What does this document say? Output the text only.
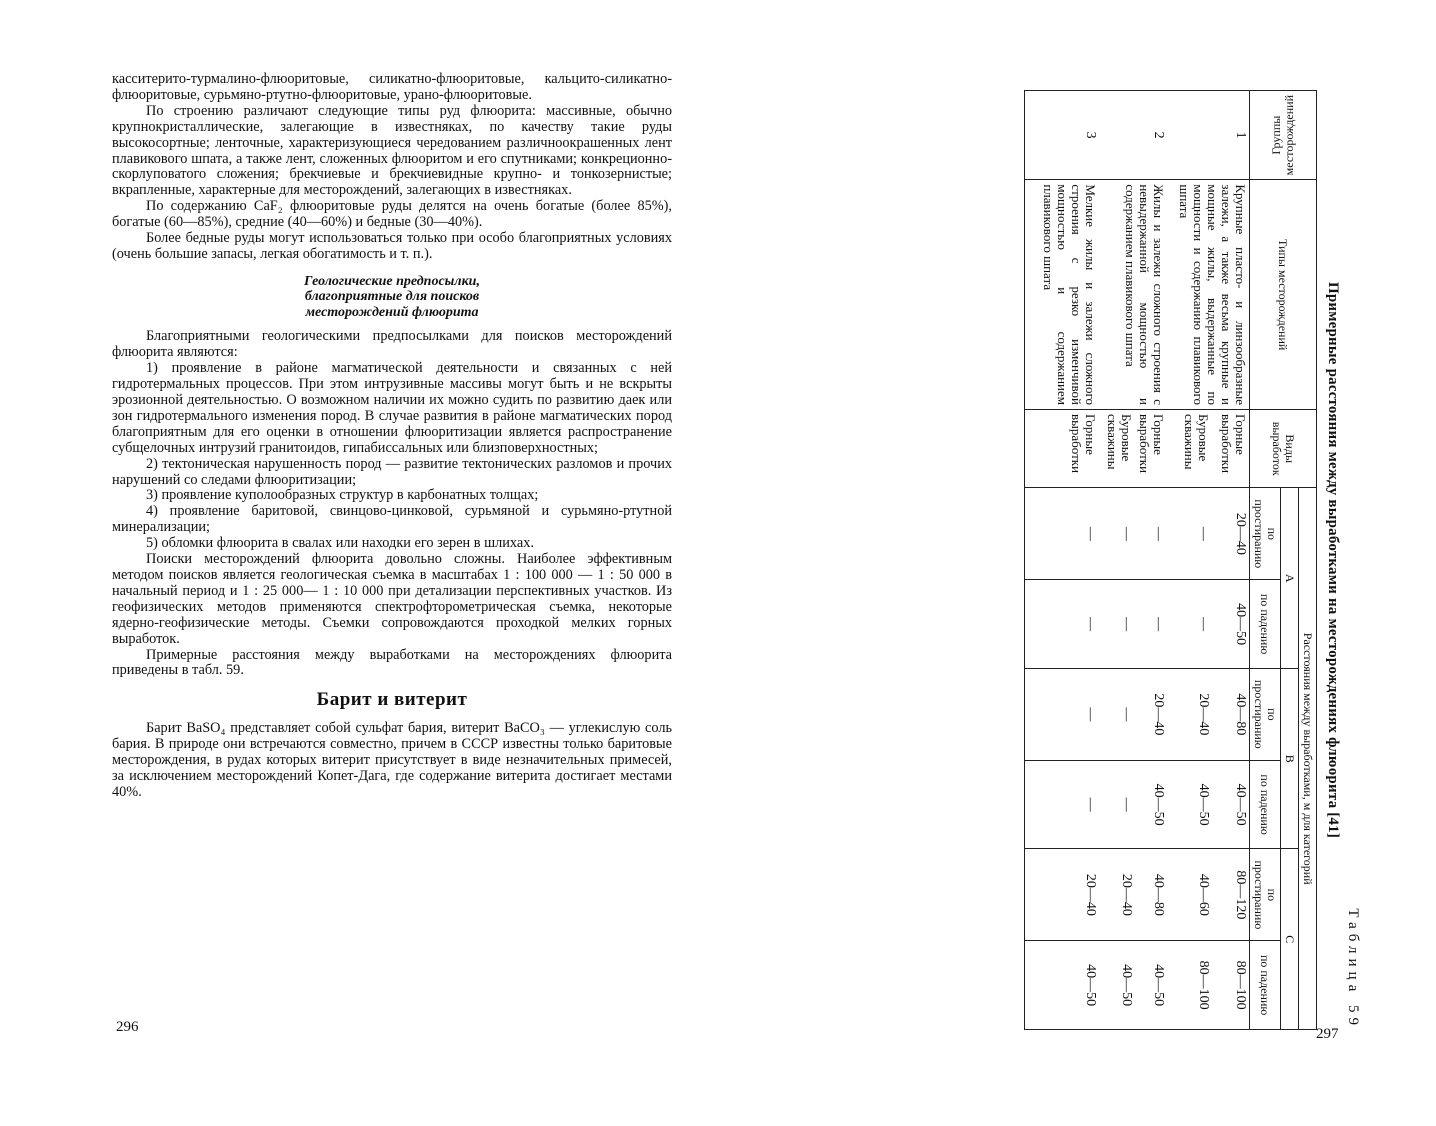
касситерито-турмалино-флюоритовые, силикатно-флюоритовые, кальцито-силикатно-флюоритовые, сурьмяно-ртутно-флюоритовые, урано-флюоритовые.

По строению различают следующие типы руд флюорита: массивные, обычно крупнокристаллические, залегающие в известняках, по качеству такие руды высокосортные; ленточные, характеризующиеся чередованием различноокрашенных лент плавикового шпата, а также лент, сложенных флюоритом и его спутниками; конкреционно-скорлуповатого сложения; брекчиевые и брекчиевидные крупно- и тонкозернистые; вкрапленные, характерные для месторождений, залегающих в известняках.

По содержанию CaF₂ флюоритовые руды делятся на очень богатые (более 85%), богатые (60—85%), средние (40—60%) и бедные (30—40%).

Более бедные руды могут использоваться только при особо благоприятных условиях (очень большие запасы, легкая обогатимость и т. п.).

Геологические предпосылки,
благоприятные для поисков
месторождений флюорита

Благоприятными геологическими предпосылками для поисков месторождений флюорита являются:

1) проявление в районе магматической деятельности и связанных с ней гидротермальных процессов. При этом интрузивные массивы могут быть и не вскрыты эрозионной деятельностью. О возможном наличии их можно судить по развитию даек или зон гидротермального изменения пород. В случае развития в районе магматических пород благоприятным для его оценки в отношении флюоритизации является распространение субщелочных интрузий гранитоидов, гипабиссальных или близповерхностных;

2) тектоническая нарушенность пород — развитие тектонических разломов и прочих нарушений со следами флюоритизации;

3) проявление куполообразных структур в карбонатных толщах;

4) проявление баритовой, свинцово-цинковой, сурьмяной и сурьмяно-ртутной минерализации;

5) обломки флюорита в свалах или находки его зерен в шлихах.

Поиски месторождений флюорита довольно сложны. Наиболее эффективным методом поисков является геологическая съемка в масштабах 1 : 100 000 — 1 : 50 000 в начальный период и 1 : 25 000— 1 : 10 000 при детализации перспективных участков. Из геофизических методов применяются спектрофторометрическая съемка, некоторые ядерно-геофизические методы. Съемки сопровождаются проходкой мелких горных выработок.

Примерные расстояния между выработками на месторождениях флюорита приведены в табл. 59.

Барит и витерит

Барит BaSO₄ представляет собой сульфат бария, витерит BaCO₃ — углекислую соль бария. В природе они встречаются совместно, причем в СССР известны только баритовые месторождения, в рудах которых витерит присутствует в виде незначительных примесей, за исключением месторождений Копет-Дага, где содержание витерита достигает местами 40%.

296	Таблица 59
Примерные расстояния между выработками на месторождениях флюорита [41]
Группы месторождений	Типы месторождений	Виды выработок	Расстояния между выработками, м для категорий					
			А		В		С	
			по простиранию	по падению	по простиранию	по падению	по простиранию	по падению
1	Крупные пласто- и линзообразные залежи, а также весьма крупные и мощные жилы, выдержанные по мощности и содержанию плавикового шпата	Горные выработки	20—40	40—50	40—80	40—50	80—120	80—100
		Буровые скважины	—	—	20—40	40—50	40—60	80—100
2	Жилы и залежи сложного строения с невыдержанной мощностью и содержанием плавикового шпата	Горные выработки	—	—	20—40	40—50	40—80	40—50
		Буровые скважины	—	—	—	—	20—40	40—50
3	Мелкие жилы и залежи сложного строения с резко изменчивой мощностью и содержанием плавикового шпата	Горные выработки	—	—	—	—	20—40	40—50
297
